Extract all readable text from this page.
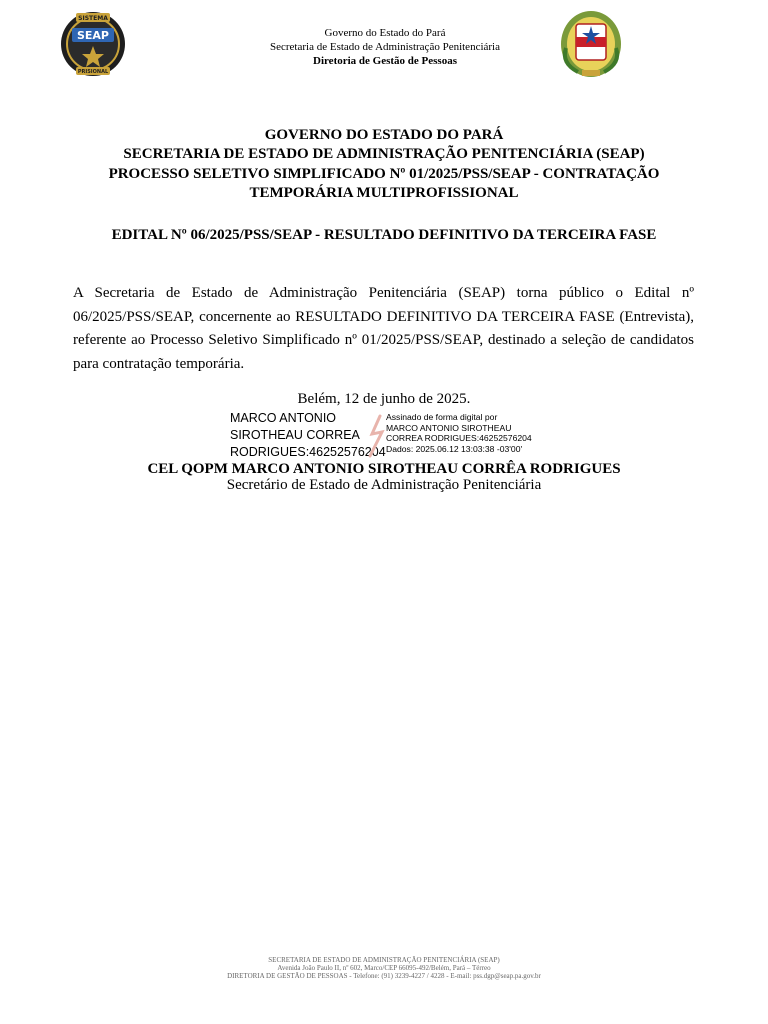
SISTEMA
SEAP
PRISIONAL
Governo do Estado do Pará
Secretaria de Estado de Administração Penitenciária
Diretoria de Gestão de Pessoas
GOVERNO DO ESTADO DO PARÁ
SECRETARIA DE ESTADO DE ADMINISTRAÇÃO PENITENCIÁRIA (SEAP)
PROCESSO SELETIVO SIMPLIFICADO Nº 01/2025/PSS/SEAP - CONTRATAÇÃO
TEMPORÁRIA MULTIPROFISSIONAL
EDITAL Nº 06/2025/PSS/SEAP - RESULTADO DEFINITIVO DA TERCEIRA FASE
A Secretaria de Estado de Administração Penitenciária (SEAP) torna público o Edital nº 06/2025/PSS/SEAP, concernente ao RESULTADO DEFINITIVO DA TERCEIRA FASE (Entrevista), referente ao Processo Seletivo Simplificado nº 01/2025/PSS/SEAP, destinado a seleção de candidatos para contratação temporária.
Belém, 12 de junho de 2025.
MARCO ANTONIO
SIROTHEAU CORREA
RODRIGUES:46252576204
Assinado de forma digital por
MARCO ANTONIO SIROTHEAU
CORREA RODRIGUES:46252576204
Dados: 2025.06.12 13:03:38 -03'00'
CEL QOPM MARCO ANTONIO SIROTHEAU CORRÊA RODRIGUES
Secretário de Estado de Administração Penitenciária
SECRETARIA DE ESTADO DE ADMINISTRAÇÃO PENITENCIÁRIA (SEAP)
Avenida João Paulo II, nº 602, Marco/CEP 66095-492/Belém, Pará – Térreo
DIRETORIA DE GESTÃO DE PESSOAS - Telefone: (91) 3239-4227 / 4228 - E-mail: pss.dgp@seap.pa.gov.br
